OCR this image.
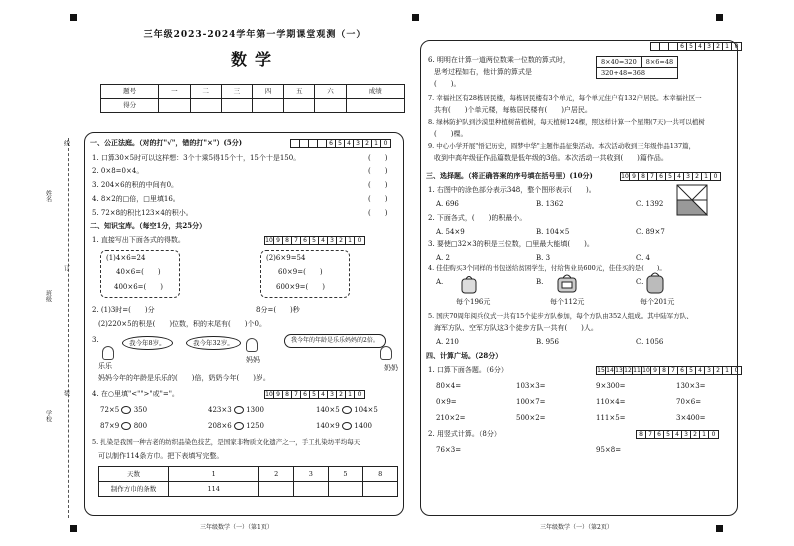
线
姓名
订
班级
装
学校
三年级2023-2024学年第一学期课堂观测（一）
数学
题号	一	二	三	四	五	六	成绩
得分							
一、公正法庭。（对的打"√"，错的打"×"）(5分)	6 5 4 3 2 1 0
1. 口算30×5时可以这样想：3个十乘5得15个十，15个十是150。	(　　)
2. 0×8=0×4。	(　　)
3. 204×6的积的中间有0。	(　　)
4. 8×2的□倍，□里填16。	(　　)
5. 72×8的积比123×4的积小。	(　　)
二、知识宝库。（每空1分，共25分）
1. 直接写出下面各式的得数。	10 9 8 7 6 5 4 3 2 1 0
(1)4×6=24
40×6=(　　)
400×6=(　　)
(2)6×9=54
60×9=(　　)
600×9=(　　)
2. (1)3时=(　　)分	8分=(　　)秒
(2)220×5的积是(　　)位数，积的末尾有(　　)个0。
3.	我今年8岁。	我今年32岁。	我今年的年龄是乐乐妈妈的2倍。
乐乐
妈妈
奶奶
妈妈今年的年龄是乐乐的(　　)倍，奶奶今年(　　)岁。
4. 在○里填"<"">"或"="。	10 9 8 7 6 5 4 3 2 1 0
72×5 350	423×3 1300	140×5 104×5
87×9 800	208×6 1250	140×9 1400
5. 扎染是我国一种古老的纺织品染色技艺，是国家非物质文化遗产之一，手工扎染坊平均每天
可以制作114条方巾。把下表填写完整。
天数	1	2	3	5	8
制作方巾的条数	114				
三年级数学（一）（第1页）
6 5 4 3 2 1 0
6. 明明在计算一道两位数乘一位数的算式时，
思考过程如右，他计算的算式是
(　　)。
8×40=320	8×6=48
320+48=368
7. 幸福社区有28栋居民楼，每栋居民楼有3个单元，每个单元住户有132户居民。本幸福社区一
共有(　　)个单元楼，每栋居民楼有(　　)户居民。
8. 绿林防护队到沙漠里种植树苗植树，每天植树124棵，照这样计算一个星期(7天)一共可以植树
(　　)棵。
9. 中心小学开展"悟记历史，圆梦中华"主题作品征集活动。本次活动收到三年级作品137篇，
收到中高年级征作品篇数是低年级的3倍。本次活动一共收到(　　)篇作品。
三、选择题。（将正确答案的序号填在括号里）(10分)	10 9 8 7 6 5 4 3 2 1 0
1. 右图中的涂色部分表示348，整个图形表示(　　)。
A. 696	B. 1362	C. 1392
2. 下面各式，(　　)的积最小。
A. 54×9	B. 104×5	C. 89×7
3. 要使□32×3的积是三位数，□里最大能填(　　)。
A. 2	B. 3	C. 4
4. 佳佳购买3个同样的书包送给贫困学生，付给售业员600元，佳佳买的是(　　)。
A.	B.	C.
每个196元	每个112元	每个201元
5. 国庆70周年阅兵仪式一共有15个徒步方队参加，每个方队由352人组成。其中陆军方队、
海军方队、空军方队这3个徒步方队一共有(　　)人。
A. 210	B. 956	C. 1056
四、计算广场。（28分）
1. 口算下面各题。（6分）	15 14 13 12 11 10 9 8 7 6 5 4 3 2 1 0
80×4=	103×3=	9×300=	130×3=
0×9=	100×7=	110×4=	70×6=
210×2=	500×2=	111×5=	3×400=
2. 用竖式计算。（8分）	8 7 6 5 4 3 2 1 0
76×3=	95×8=
三年级数学（一）（第2页）
